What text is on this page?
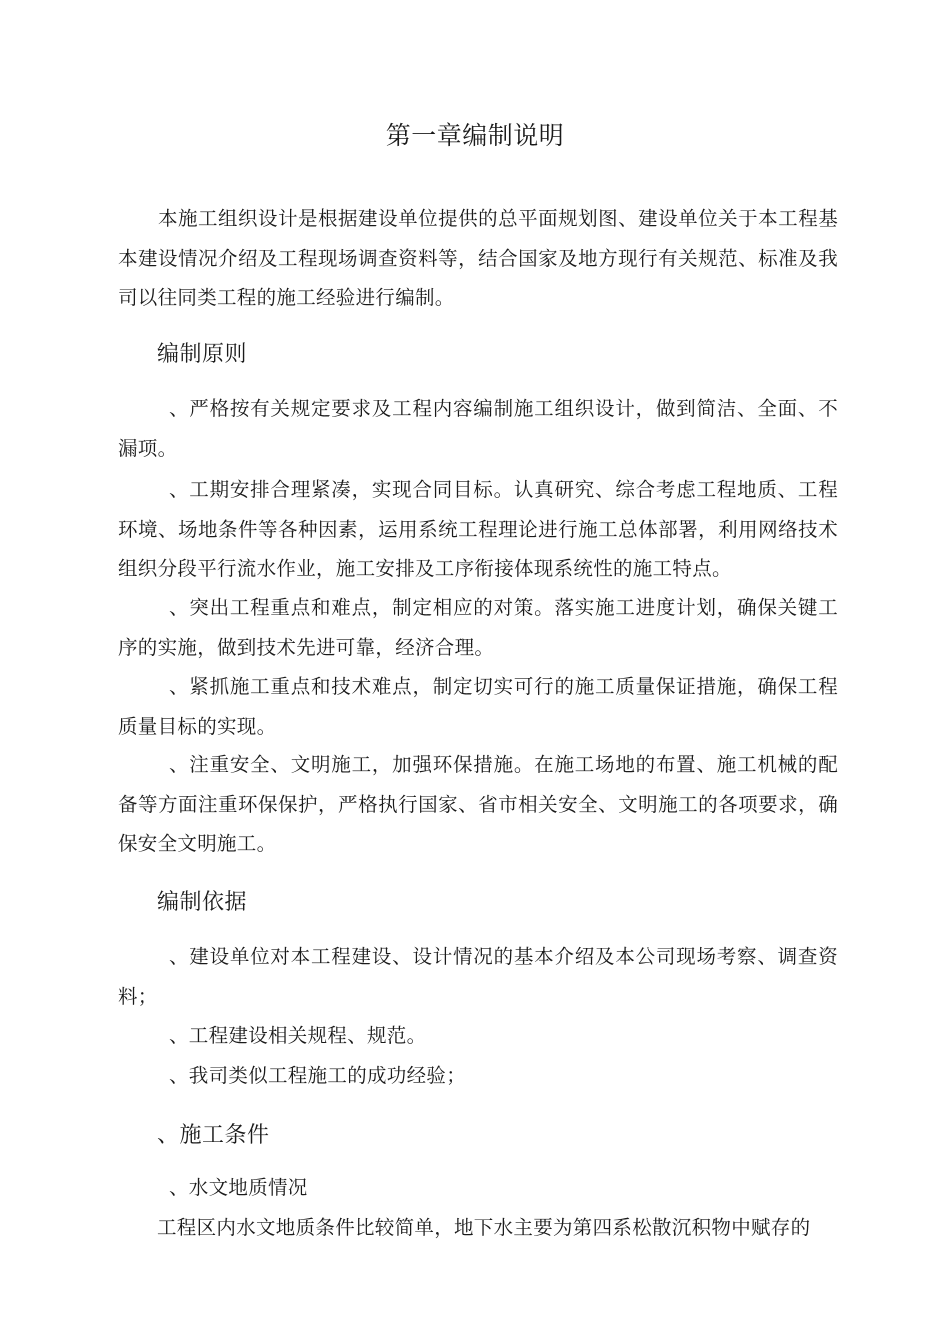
第一章编制说明
本施工组织设计是根据建设单位提供的总平面规划图、建设单位关于本工程基本建设情况介绍及工程现场调查资料等，结合国家及地方现行有关规范、标准及我司以往同类工程的施工经验进行编制。
编制原则
、严格按有关规定要求及工程内容编制施工组织设计，做到简洁、全面、不漏项。
、工期安排合理紧凑，实现合同目标。认真研究、综合考虑工程地质、工程环境、场地条件等各种因素，运用系统工程理论进行施工总体部署，利用网络技术组织分段平行流水作业，施工安排及工序衔接体现系统性的施工特点。
、突出工程重点和难点，制定相应的对策。落实施工进度计划，确保关键工序的实施，做到技术先进可靠，经济合理。
、紧抓施工重点和技术难点，制定切实可行的施工质量保证措施，确保工程质量目标的实现。
、注重安全、文明施工，加强环保措施。在施工场地的布置、施工机械的配备等方面注重环保保护，严格执行国家、省市相关安全、文明施工的各项要求，确保安全文明施工。
编制依据
、建设单位对本工程建设、设计情况的基本介绍及本公司现场考察、调查资料；
、工程建设相关规程、规范。
、我司类似工程施工的成功经验；
、施工条件
、水文地质情况
工程区内水文地质条件比较简单，地下水主要为第四系松散沉积物中赋存的
